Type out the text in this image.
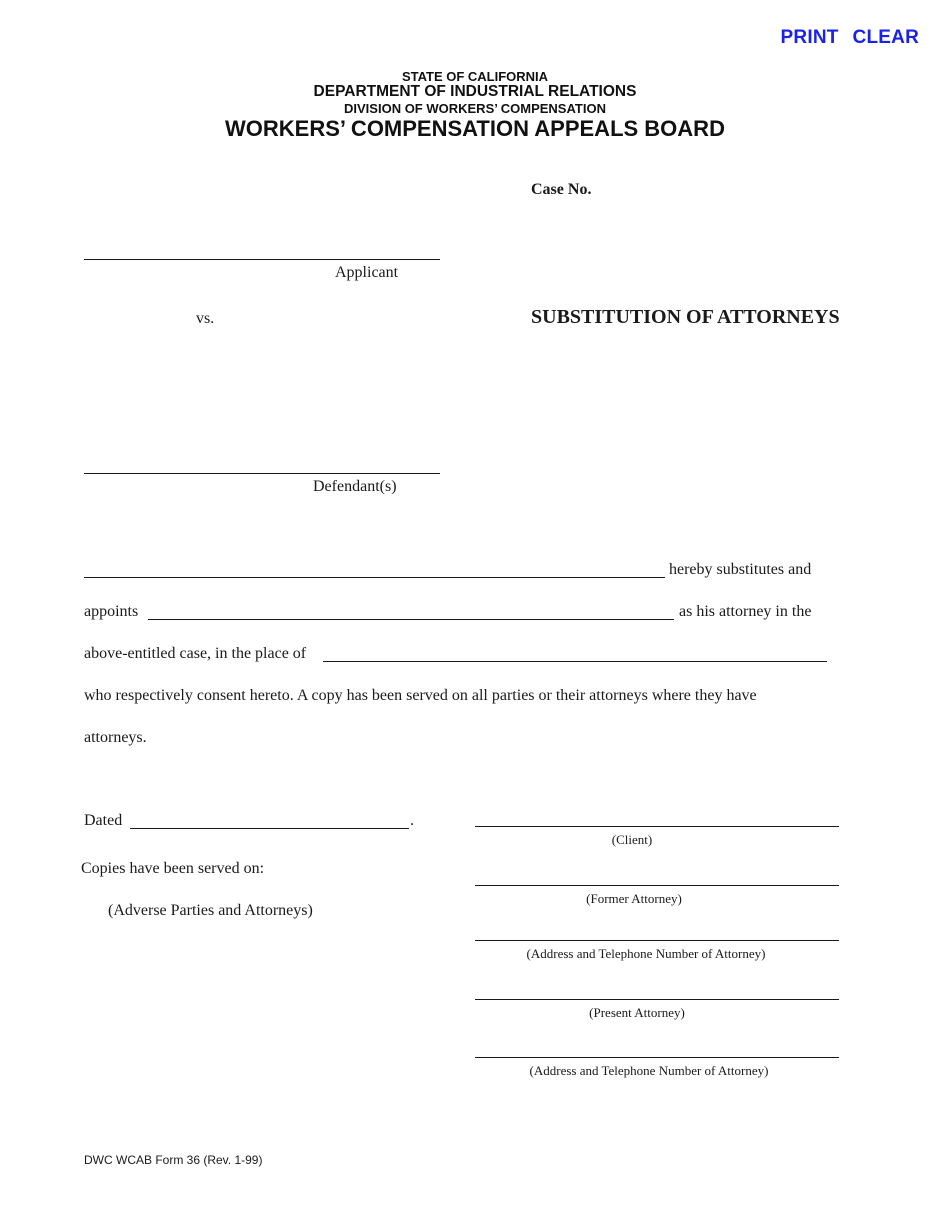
PRINT CLEAR
STATE OF CALIFORNIA
DEPARTMENT OF INDUSTRIAL RELATIONS
DIVISION OF WORKERS’ COMPENSATION
WORKERS’ COMPENSATION APPEALS BOARD
Case No.
Applicant
vs.	SUBSTITUTION OF ATTORNEYS
Defendant(s)
hereby substitutes and
appoints	as his attorney in the
above-entitled case, in the place of
who respectively consent hereto. A copy has been served on all parties or their attorneys where they have
attorneys.
Dated	.
Copies have been served on:
(Adverse Parties and Attorneys)
(Client)
(Former Attorney)
(Address and Telephone Number of Attorney)
(Present Attorney)
(Address and Telephone Number of Attorney)
DWC WCAB Form 36 (Rev. 1-99)
